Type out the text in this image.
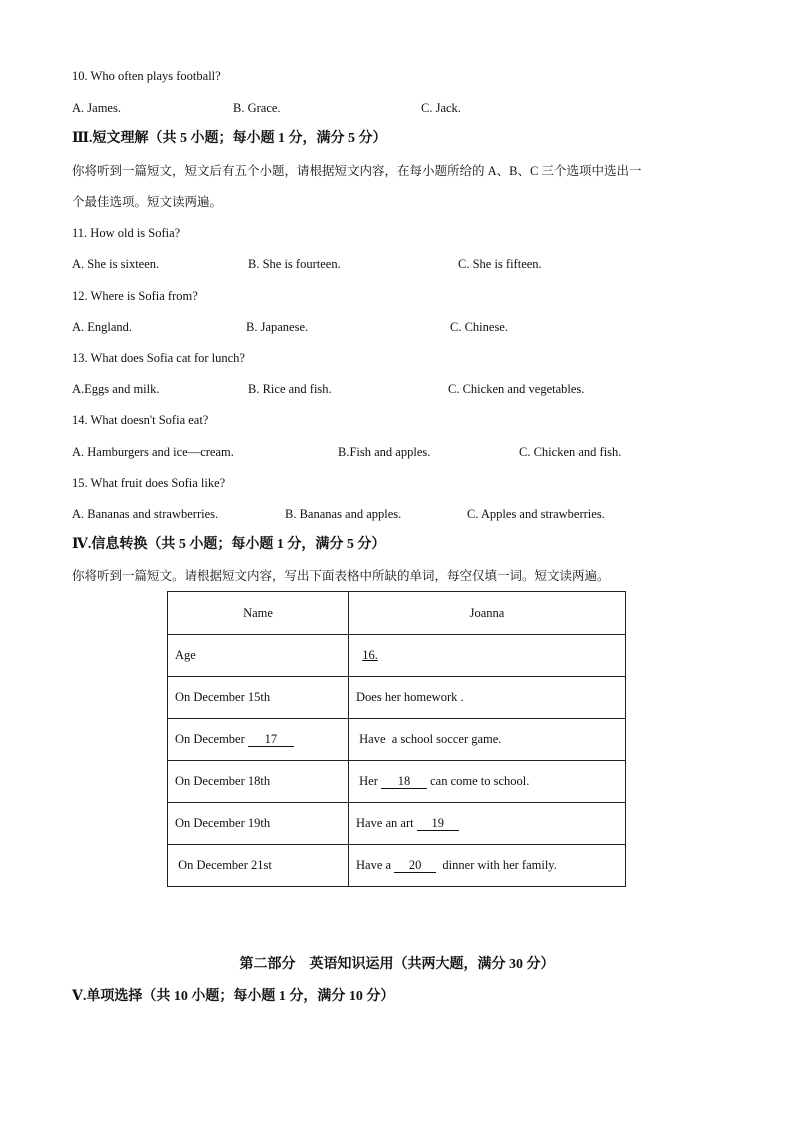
10. Who often plays football?
A. James.	B. Grace.	C. Jack.
Ⅲ.短文理解（共 5 小题；每小题 1 分，满分 5 分）
你将听到一篇短文，短文后有五个小题，请根据短文内容，在每小题所给的 A、B、C 三个选项中选出一
个最佳选项。短文读两遍。
11. How old is Sofia?
A. She is sixteen.	B. She is fourteen.	C. She is fifteen.
12. Where is Sofia from?
A. England.	B. Japanese.	C. Chinese.
13. What does Sofia cat for lunch?
A.Eggs and milk.	B. Rice and fish.	C. Chicken and vegetables.
14. What doesn't Sofia eat?
A. Hamburgers and ice—cream.	B.Fish and apples.	C. Chicken and fish.
15. What fruit does Sofia like?
A. Bananas and strawberries.	B. Bananas and apples.	C. Apples and strawberries.
Ⅳ.信息转换（共 5 小题；每小题 1 分，满分 5 分）
你将听到一篇短文。请根据短文内容，写出下面表格中所缺的单词，每空仅填一词。短文读两遍。
Name	Joanna
Age	16.
On December 15th	Does her homework .
On December 17	Have  a school soccer game.
On December 18th	Her 18 can come to school.
On December 19th	Have an art 19
On December 21st	Have a 20  dinner with her family.
第二部分    英语知识运用（共两大题，满分 30 分）
Ⅴ.单项选择（共 10 小题；每小题 1 分，满分 10 分）
